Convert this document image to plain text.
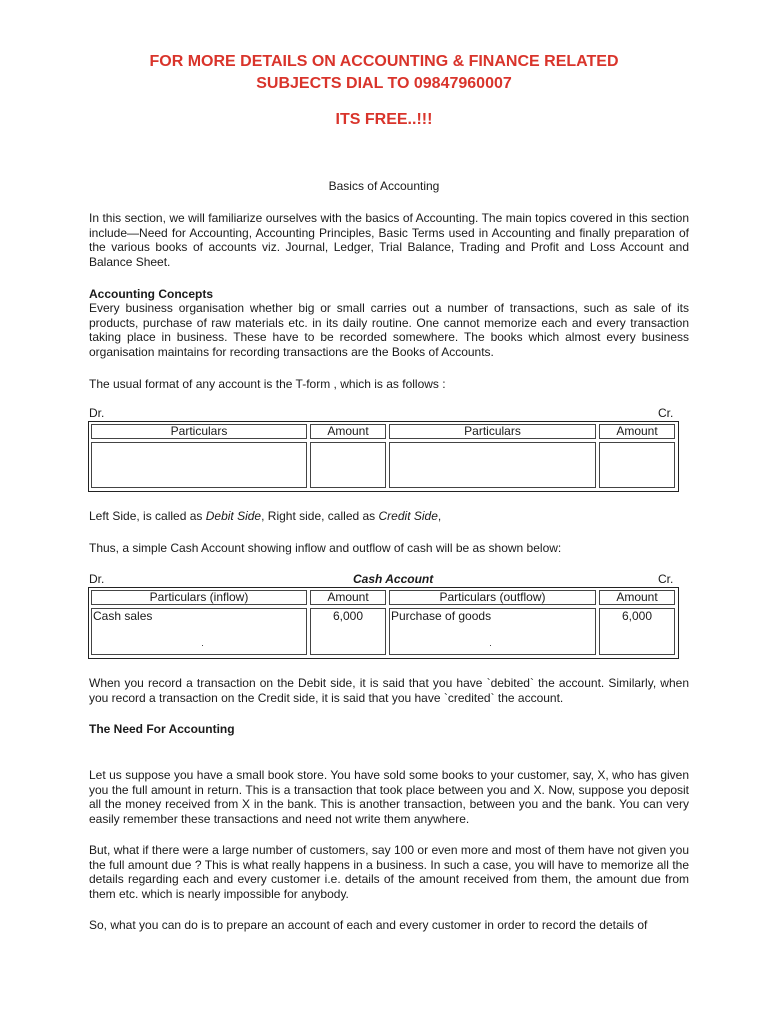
FOR MORE DETAILS ON ACCOUNTING & FINANCE RELATED
SUBJECTS DIAL TO 09847960007
ITS FREE..!!!
Basics of Accounting

In this section, we will familiarize ourselves with the basics of Accounting. The main topics covered in this section include—Need for Accounting, Accounting Principles, Basic Terms used in Accounting and finally preparation of the various books of accounts viz. Journal, Ledger, Trial Balance, Trading and Profit and Loss Account and Balance Sheet.

Accounting Concepts

Every business organisation whether big or small carries out a number of transactions, such as sale of its products, purchase of raw materials etc. in its daily routine. One cannot memorize each and every transaction taking place in business. These have to be recorded somewhere. The books which almost every business organisation maintains for recording transactions are the Books of Accounts.

The usual format of any account is the T-form , which is as follows :

Dr.	Cr.
Particulars	Amount	Particulars	Amount
Left Side, is called as Debit Side, Right side, called as Credit Side,

Thus, a simple Cash Account showing inflow and outflow of cash will be as shown below:

Dr.	Cash Account	Cr.
Particulars (inflow)	Amount	Particulars (outflow)	Amount
Cash sales	6,000	Purchase of goods	6,000
·	·

When you record a transaction on the Debit side, it is said that you have `debited` the account. Similarly, when you record a transaction on the Credit side, it is said that you have `credited` the account.

The Need For Accounting

Let us suppose you have a small book store. You have sold some books to your customer, say, X, who has given you the full amount in return. This is a transaction that took place between you and X. Now, suppose you deposit all the money received from X in the bank. This is another transaction, between you and the bank. You can very easily remember these transactions and need not write them anywhere.

But, what if there were a large number of customers, say 100 or even more and most of them have not given you the full amount due ? This is what really happens in a business. In such a case, you will have to memorize all the details regarding each and every customer i.e. details of the amount received from them, the amount due from them etc. which is nearly impossible for anybody.

So, what you can do is to prepare an account of each and every customer in order to record the details of
